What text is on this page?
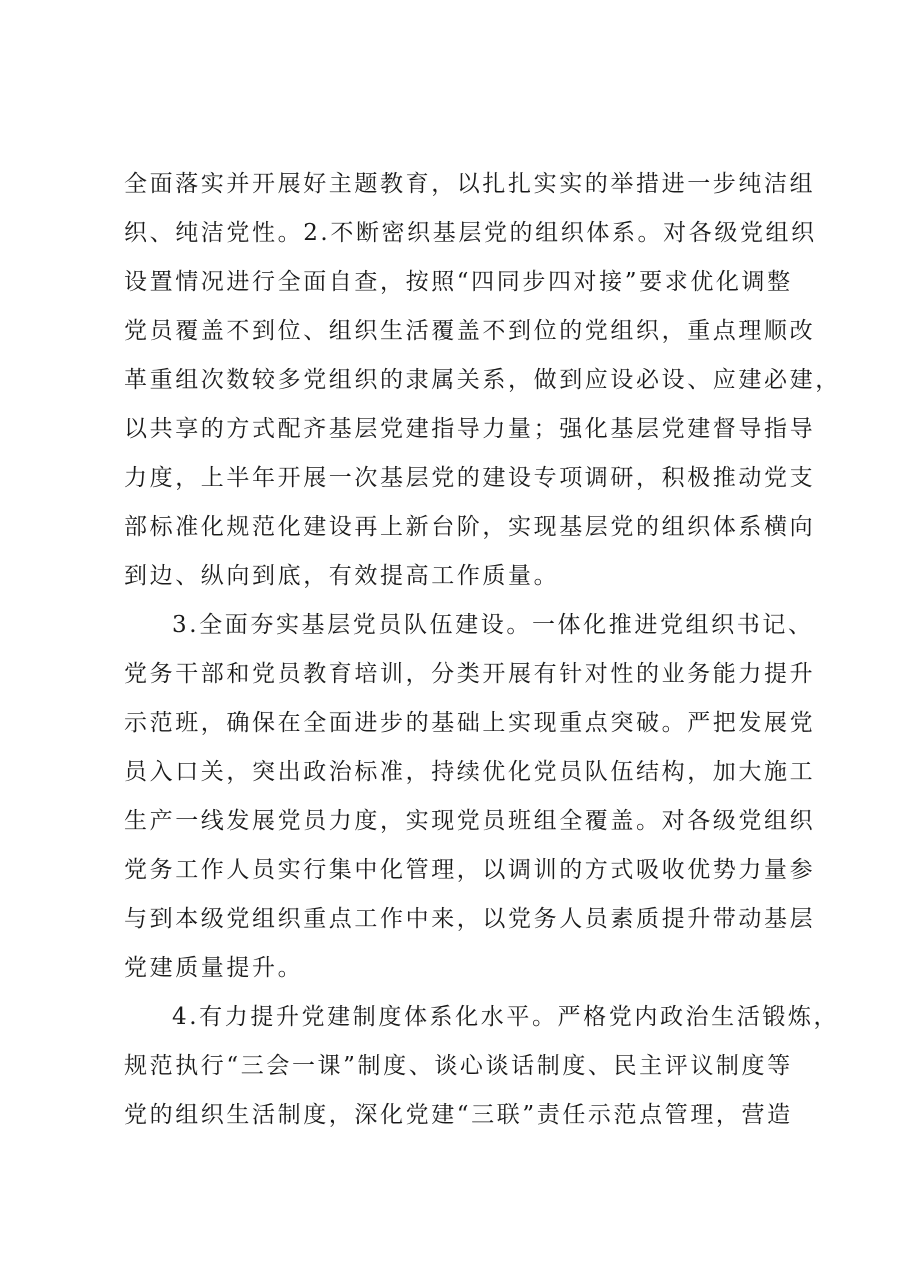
全面落实并开展好主题教育，以扎扎实实的举措进一步纯洁组
织、纯洁党性。2.不断密织基层党的组织体系。对各级党组织
设置情况进行全面自查，按照“四同步四对接”要求优化调整
党员覆盖不到位、组织生活覆盖不到位的党组织，重点理顺改
革重组次数较多党组织的隶属关系，做到应设必设、应建必建，
以共享的方式配齐基层党建指导力量；强化基层党建督导指导
力度，上半年开展一次基层党的建设专项调研，积极推动党支
部标准化规范化建设再上新台阶，实现基层党的组织体系横向
到边、纵向到底，有效提高工作质量。
3.全面夯实基层党员队伍建设。一体化推进党组织书记、
党务干部和党员教育培训，分类开展有针对性的业务能力提升
示范班，确保在全面进步的基础上实现重点突破。严把发展党
员入口关，突出政治标准，持续优化党员队伍结构，加大施工
生产一线发展党员力度，实现党员班组全覆盖。对各级党组织
党务工作人员实行集中化管理，以调训的方式吸收优势力量参
与到本级党组织重点工作中来，以党务人员素质提升带动基层
党建质量提升。
4.有力提升党建制度体系化水平。严格党内政治生活锻炼，
规范执行“三会一课”制度、谈心谈话制度、民主评议制度等
党的组织生活制度，深化党建“三联”责任示范点管理，营造
